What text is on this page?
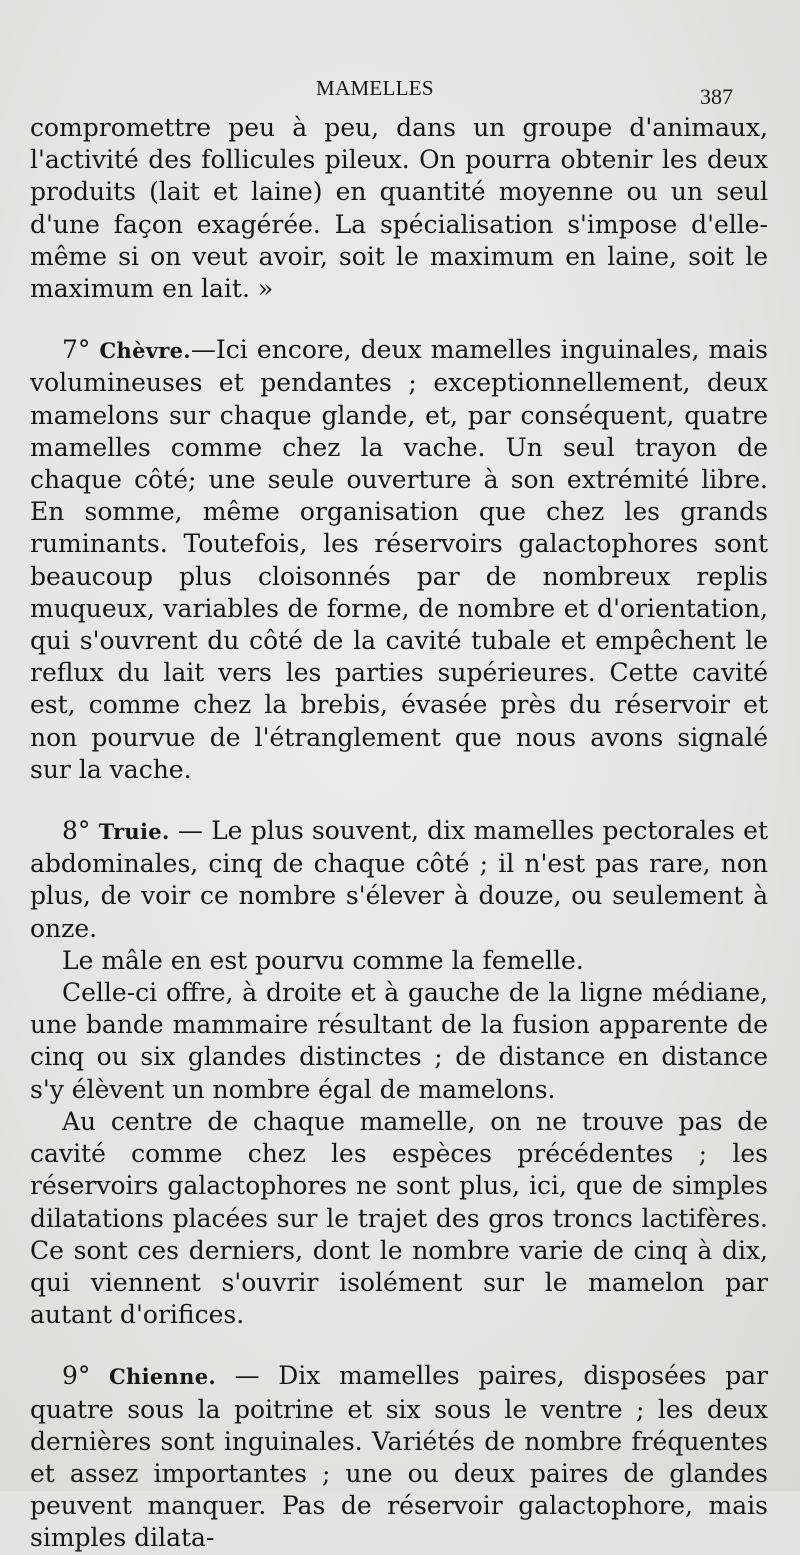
MAMELLES	387

compromettre peu à peu, dans un groupe d'animaux, l'activité des follicules pileux. On pourra obtenir les deux produits (lait et laine) en quantité moyenne ou un seul d'une façon exagérée. La spécialisation s'impose d'elle-même si on veut avoir, soit le maximum en laine, soit le maximum en lait. »

7° Chèvre.—Ici encore, deux mamelles inguinales, mais volumineuses et pendantes ; exceptionnellement, deux mamelons sur chaque glande, et, par conséquent, quatre mamelles comme chez la vache. Un seul trayon de chaque côté; une seule ouverture à son extrémité libre. En somme, même organisation que chez les grands ruminants. Toutefois, les réservoirs galactophores sont beaucoup plus cloisonnés par de nombreux replis muqueux, variables de forme, de nombre et d'orientation, qui s'ouvrent du côté de la cavité tubale et empêchent le reflux du lait vers les parties supérieures. Cette cavité est, comme chez la brebis, évasée près du réservoir et non pourvue de l'étranglement que nous avons signalé sur la vache.

8° Truie. — Le plus souvent, dix mamelles pectorales et abdominales, cinq de chaque côté ; il n'est pas rare, non plus, de voir ce nombre s'élever à douze, ou seulement à onze.

Le mâle en est pourvu comme la femelle.

Celle-ci offre, à droite et à gauche de la ligne médiane, une bande mammaire résultant de la fusion apparente de cinq ou six glandes distinctes ; de distance en distance s'y élèvent un nombre égal de mamelons.

Au centre de chaque mamelle, on ne trouve pas de cavité comme chez les espèces précédentes ; les réservoirs galactophores ne sont plus, ici, que de simples dilatations placées sur le trajet des gros troncs lactifères. Ce sont ces derniers, dont le nombre varie de cinq à dix, qui viennent s'ouvrir isolément sur le mamelon par autant d'orifices.

9° Chienne. — Dix mamelles paires, disposées par quatre sous la poitrine et six sous le ventre ; les deux dernières sont inguinales. Variétés de nombre fréquentes et assez importantes ; une ou deux paires de glandes peuvent manquer. Pas de réservoir galactophore, mais simples dilata-
